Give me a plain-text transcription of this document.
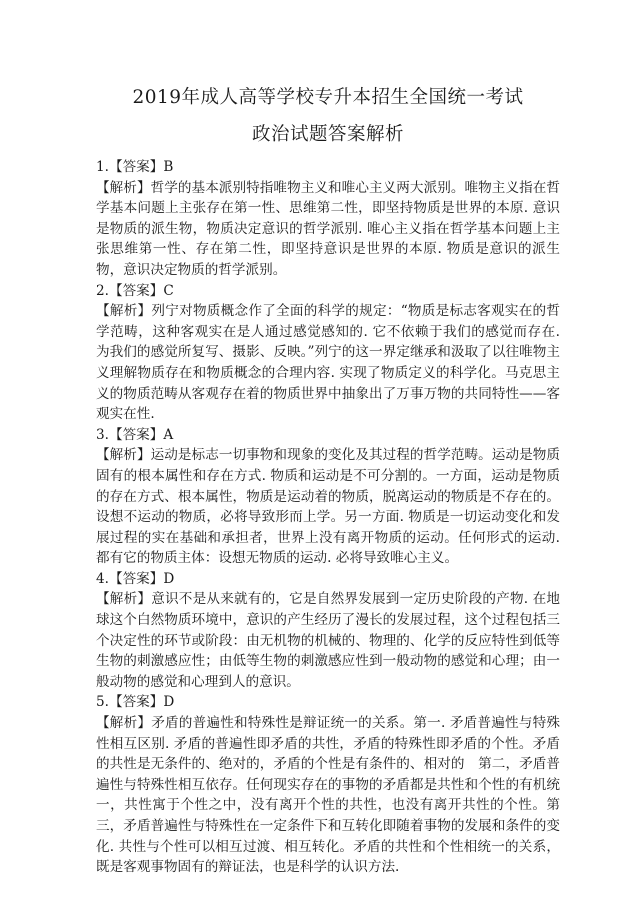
2019年成人高等学校专升本招生全国统一考试
政治试题答案解析
1.【答案】B
【解析】哲学的基本派别特指唯物主义和唯心主义两大派别。唯物主义指在哲学基本问题上主张存在第一性、思维第二性，即坚持物质是世界的本原. 意识是物质的派生物，物质决定意识的哲学派别. 唯心主义指在哲学基本问题上主张思维第一性、存在第二性，即坚持意识是世界的本原. 物质是意识的派生物，意识决定物质的哲学派别。
2.【答案】C
【解析】列宁对物质概念作了全面的科学的规定：“物质是标志客观实在的哲学范畴，这种客观实在是人通过感觉感知的. 它不依赖于我们的感觉而存在. 为我们的感觉所复写、摄影、反映。”列宁的这一界定继承和汲取了以往唯物主义理解物质存在和物质概念的合理内容. 实现了物质定义的科学化。马克思主义的物质范畴从客观存在着的物质世界中抽象出了万事万物的共同特性——客观实在性.
3.【答案】A
【解析】运动是标志一切事物和现象的变化及其过程的哲学范畴。运动是物质固有的根本属性和存在方式. 物质和运动是不可分割的。一方面，运动是物质的存在方式、根本属性，物质是运动着的物质，脱离运动的物质是不存在的。设想不运动的物质，必将导致形而上学。另一方面. 物质是一切运动变化和发展过程的实在基础和承担者，世界上没有离开物质的运动。任何形式的运动. 都有它的物质主体：设想无物质的运动. 必将导致唯心主义。
4.【答案】D
【解析】意识不是从来就有的，它是自然界发展到一定历史阶段的产物. 在地球这个白然物质环境中，意识的产生经历了漫长的发展过程，这个过程包括三个决定性的环节或阶段：由无机物的机械的、物理的、化学的反应特性到低等生物的刺激感应性；由低等生物的刺激感应性到一般动物的感觉和心理；由一般动物的感觉和心理到人的意识。
5.【答案】D
【解析】矛盾的普遍性和特殊性是辩证统一的关系。第一. 矛盾普遍性与特殊性相互区别. 矛盾的普遍性即矛盾的共性，矛盾的特殊性即矛盾的个性。矛盾的共性是无条件的、绝对的，矛盾的个性是有条件的、相对的　第二，矛盾普遍性与特殊性相互依存。任何现实存在的事物的矛盾都是共性和个性的有机统一，共性寓于个性之中，没有离开个性的共性，也没有离开共性的个性。第三，矛盾普遍性与特殊性在一定条件下和互转化即随着事物的发展和条件的变化. 共性与个性可以相互过渡、相互转化。矛盾的共性和个性相统一的关系，既是客观事物固有的辩证法，也是科学的认识方法.
